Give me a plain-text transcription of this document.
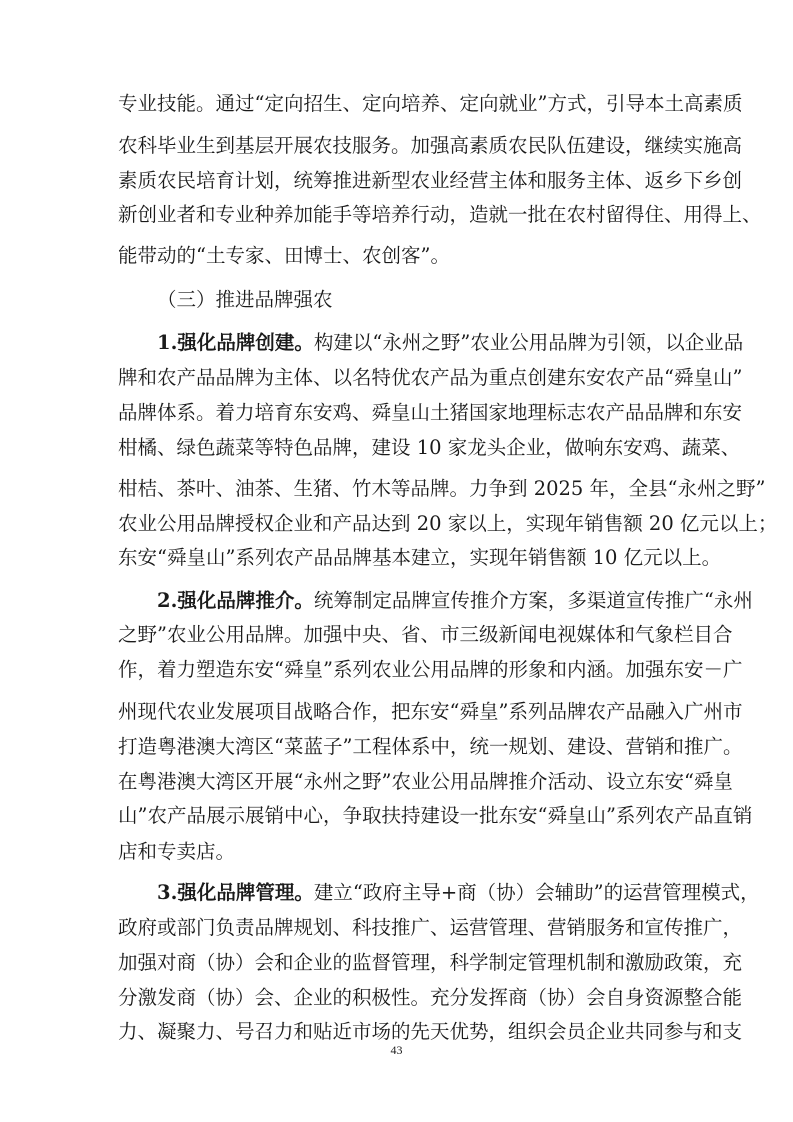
专业技能。通过“定向招生、定向培养、定向就业”方式，引导本土高素质
农科毕业生到基层开展农技服务。加强高素质农民队伍建设，继续实施高
素质农民培育计划，统筹推进新型农业经营主体和服务主体、返乡下乡创
新创业者和专业种养加能手等培养行动，造就一批在农村留得住、用得上、
能带动的“土专家、田博士、农创客”。
（三）推进品牌强农
1.强化品牌创建。构建以“永州之野”农业公用品牌为引领，以企业品
牌和农产品品牌为主体、以名特优农产品为重点创建东安农产品“舜皇山”
品牌体系。着力培育东安鸡、舜皇山土猪国家地理标志农产品品牌和东安
柑橘、绿色蔬菜等特色品牌，建设 10 家龙头企业，做响东安鸡、蔬菜、
柑桔、茶叶、油茶、生猪、竹木等品牌。力争到 2025 年，全县“永州之野”
农业公用品牌授权企业和产品达到 20 家以上，实现年销售额 20 亿元以上；
东安“舜皇山”系列农产品品牌基本建立，实现年销售额 10 亿元以上。
2.强化品牌推介。统筹制定品牌宣传推介方案，多渠道宣传推广“永州
之野”农业公用品牌。加强中央、省、市三级新闻电视媒体和气象栏目合
作，着力塑造东安“舜皇”系列农业公用品牌的形象和内涵。加强东安－广
州现代农业发展项目战略合作，把东安“舜皇”系列品牌农产品融入广州市
打造粤港澳大湾区“菜蓝子”工程体系中，统一规划、建设、营销和推广。
在粤港澳大湾区开展“永州之野”农业公用品牌推介活动、设立东安“舜皇
山”农产品展示展销中心，争取扶持建设一批东安“舜皇山”系列农产品直销
店和专卖店。
3.强化品牌管理。建立“政府主导+商（协）会辅助”的运营管理模式，
政府或部门负责品牌规划、科技推广、运营管理、营销服务和宣传推广，
加强对商（协）会和企业的监督管理，科学制定管理机制和激励政策，充
分激发商（协）会、企业的积极性。充分发挥商（协）会自身资源整合能
力、凝聚力、号召力和贴近市场的先天优势，组织会员企业共同参与和支
43
